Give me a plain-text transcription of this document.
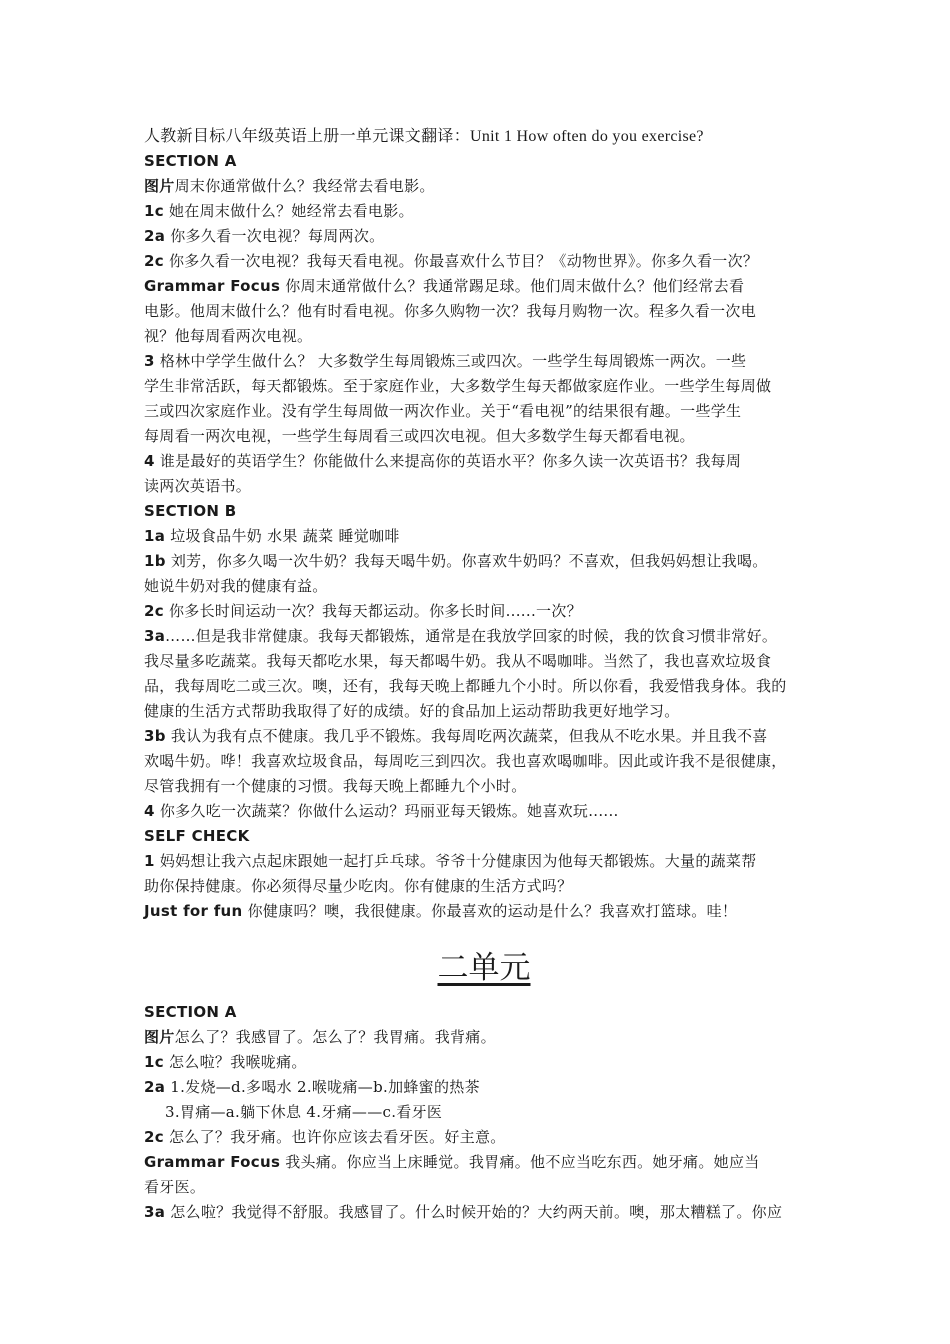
人教新目标八年级英语上册一单元课文翻译：Unit 1 How often do you exercise?
SECTION A
图片周末你通常做什么？我经常去看电影。
1c 她在周末做什么？她经常去看电影。
2a 你多久看一次电视？每周两次。
2c 你多久看一次电视？我每天看电视。你最喜欢什么节目？《动物世界》。你多久看一次？
Grammar Focus 你周末通常做什么？我通常踢足球。他们周末做什么？他们经常去看
电影。他周末做什么？他有时看电视。你多久购物一次？我每月购物一次。程多久看一次电
视？他每周看两次电视。
3 格林中学学生做什么？ 大多数学生每周锻炼三或四次。一些学生每周锻炼一两次。一些
学生非常活跃，每天都锻炼。至于家庭作业，大多数学生每天都做家庭作业。一些学生每周做
三或四次家庭作业。没有学生每周做一两次作业。关于“看电视”的结果很有趣。一些学生
每周看一两次电视，一些学生每周看三或四次电视。但大多数学生每天都看电视。
4 谁是最好的英语学生？你能做什么来提高你的英语水平？你多久读一次英语书？我每周
读两次英语书。
SECTION B
1a 垃圾食品牛奶 水果 蔬菜 睡觉咖啡
1b 刘芳，你多久喝一次牛奶？我每天喝牛奶。你喜欢牛奶吗？不喜欢，但我妈妈想让我喝。
她说牛奶对我的健康有益。
2c 你多长时间运动一次？我每天都运动。你多长时间......一次？
3a……但是我非常健康。我每天都锻炼，通常是在我放学回家的时候，我的饮食习惯非常好。
我尽量多吃蔬菜。我每天都吃水果，每天都喝牛奶。我从不喝咖啡。当然了，我也喜欢垃圾食
品，我每周吃二或三次。噢，还有，我每天晚上都睡九个小时。所以你看，我爱惜我身体。我的
健康的生活方式帮助我取得了好的成绩。好的食品加上运动帮助我更好地学习。
3b 我认为我有点不健康。我几乎不锻炼。我每周吃两次蔬菜，但我从不吃水果。并且我不喜
欢喝牛奶。哗！我喜欢垃圾食品，每周吃三到四次。我也喜欢喝咖啡。因此或许我不是很健康，
尽管我拥有一个健康的习惯。我每天晚上都睡九个小时。
4 你多久吃一次蔬菜？你做什么运动？玛丽亚每天锻炼。她喜欢玩......
SELF CHECK
1 妈妈想让我六点起床跟她一起打乒乓球。爷爷十分健康因为他每天都锻炼。大量的蔬菜帮
助你保持健康。你必须得尽量少吃肉。你有健康的生活方式吗？
Just for fun 你健康吗？噢，我很健康。你最喜欢的运动是什么？我喜欢打篮球。哇！
二单元
SECTION A
图片怎么了？我感冒了。怎么了？我胃痛。我背痛。
1c 怎么啦？我喉咙痛。
2a 1.发烧—d.多喝水 2.喉咙痛—b.加蜂蜜的热茶
3.胃痛—a.躺下休息 4.牙痛——c.看牙医
2c 怎么了？我牙痛。也许你应该去看牙医。好主意。
Grammar Focus 我头痛。你应当上床睡觉。我胃痛。他不应当吃东西。她牙痛。她应当
看牙医。
3a 怎么啦？我觉得不舒服。我感冒了。什么时候开始的？大约两天前。噢，那太糟糕了。你应
